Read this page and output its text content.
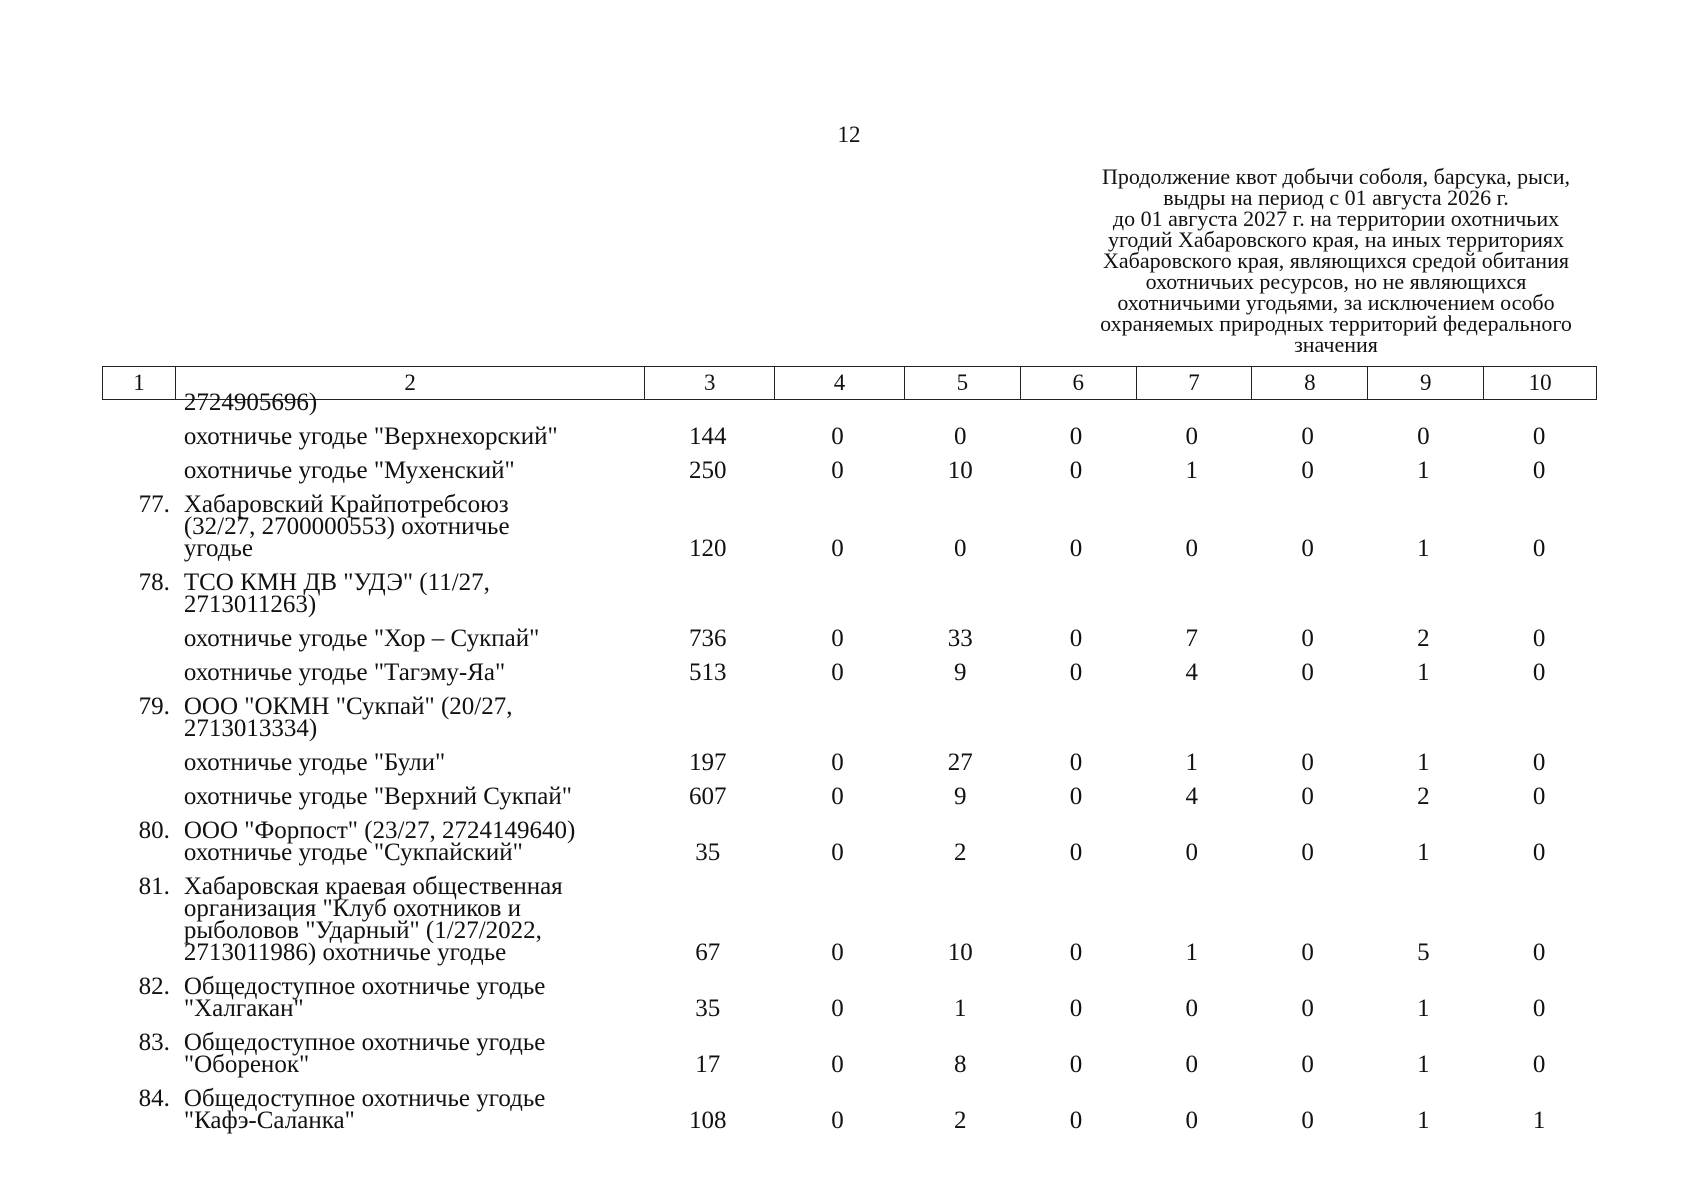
12
Продолжение квот добычи соболя, барсука, рыси,
выдры на период с 01 августа 2026 г.
до 01 августа 2027 г. на территории охотничьих
угодий Хабаровского края, на иных территориях
Хабаровского края, являющихся средой обитания
охотничьих ресурсов, но не являющихся
охотничьими угодьями, за исключением особо
охраняемых природных территорий федерального
значения
1	2	3	4	5	6	7	8	9	10
2724905696)
охотничье угодье "Верхнехорский"	144	0	0	0	0	0	0	0
охотничье угодье "Мухенский"	250	0	10	0	1	0	1	0
77. Хабаровский Крайпотребсоюз
(32/27, 2700000553) охотничье
угодье	120	0	0	0	0	0	1	0
78. ТСО КМН ДВ "УДЭ" (11/27,
2713011263)
охотничье угодье "Хор – Сукпай"	736	0	33	0	7	0	2	0
охотничье угодье "Тагэму-Яа"	513	0	9	0	4	0	1	0
79. ООО "ОКМН "Сукпай" (20/27,
2713013334)
охотничье угодье "Були"	197	0	27	0	1	0	1	0
охотничье угодье "Верхний Сукпай"	607	0	9	0	4	0	2	0
80. ООО "Форпост" (23/27, 2724149640)
охотничье угодье "Сукпайский"	35	0	2	0	0	0	1	0
81. Хабаровская краевая общественная
организация "Клуб охотников и
рыболовов "Ударный" (1/27/2022,
2713011986) охотничье угодье	67	0	10	0	1	0	5	0
82. Общедоступное охотничье угодье
"Халгакан"	35	0	1	0	0	0	1	0
83. Общедоступное охотничье угодье
"Оборенок"	17	0	8	0	0	0	1	0
84. Общедоступное охотничье угодье
"Кафэ-Саланка"	108	0	2	0	0	0	1	1
